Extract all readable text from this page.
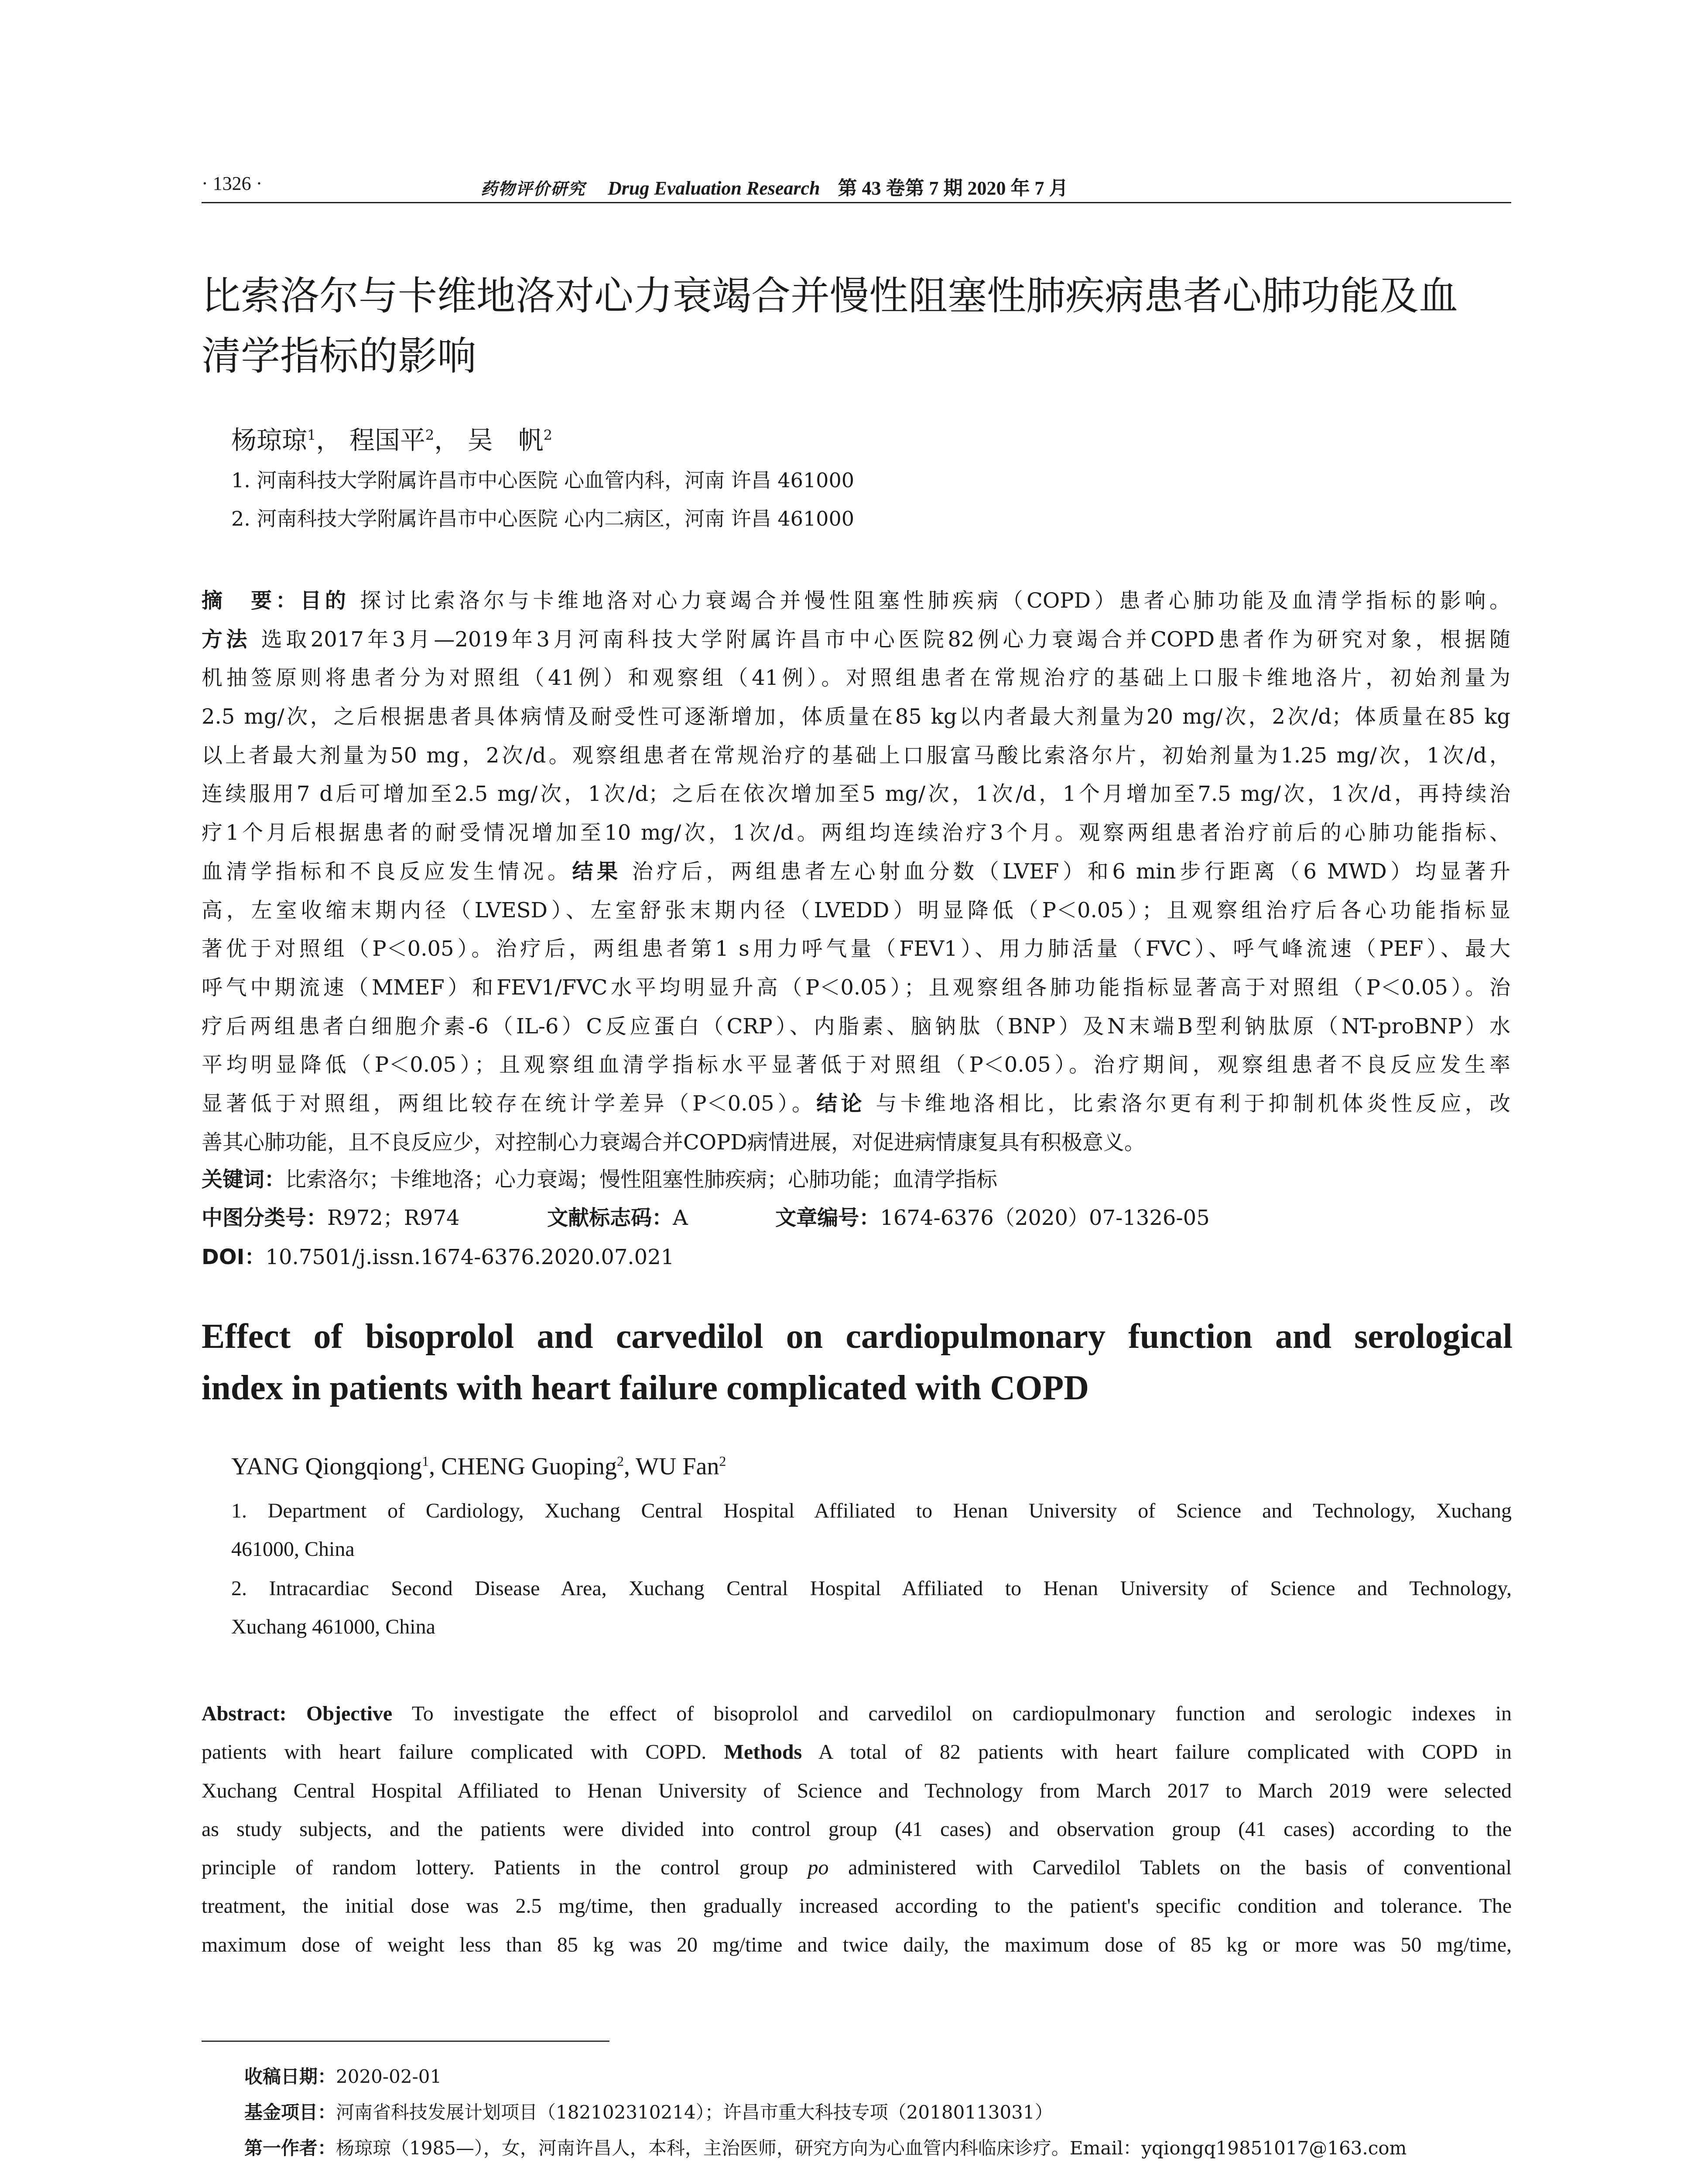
· 1326 ·	药物评价研究 Drug Evaluation Research 第 43 卷第 7 期 2020 年 7 月
比索洛尔与卡维地洛对心力衰竭合并慢性阻塞性肺疾病患者心肺功能及血
清学指标的影响
杨琼琼$^1$， 程国平$^2$， 吴　帆$^2$
1. 河南科技大学附属许昌市中心医院 心血管内科，河南 许昌 461000
2. 河南科技大学附属许昌市中心医院 心内二病区，河南 许昌 461000
摘　要：目的 探讨比索洛尔与卡维地洛对心力衰竭合并慢性阻塞性肺疾病（COPD）患者心肺功能及血清学指标的影响。
方法 选取2017年3月—2019年3月河南科技大学附属许昌市中心医院82例心力衰竭合并COPD患者作为研究对象，根据随
机抽签原则将患者分为对照组（41例）和观察组（41例）。对照组患者在常规治疗的基础上口服卡维地洛片，初始剂量为
2.5 mg/次，之后根据患者具体病情及耐受性可逐渐增加，体质量在85 kg以内者最大剂量为20 mg/次，2次/d；体质量在85 kg
以上者最大剂量为50 mg，2次/d。观察组患者在常规治疗的基础上口服富马酸比索洛尔片，初始剂量为1.25 mg/次，1次/d，
连续服用7 d后可增加至2.5 mg/次，1次/d；之后在依次增加至5 mg/次，1次/d，1个月增加至7.5 mg/次，1次/d，再持续治
疗1个月后根据患者的耐受情况增加至10 mg/次，1次/d。两组均连续治疗3个月。观察两组患者治疗前后的心肺功能指标、
血清学指标和不良反应发生情况。结果 治疗后，两组患者左心射血分数（LVEF）和6 min步行距离（6 MWD）均显著升
高，左室收缩末期内径（LVESD）、左室舒张末期内径（LVEDD）明显降低（P＜0.05）；且观察组治疗后各心功能指标显
著优于对照组（P＜0.05）。治疗后，两组患者第1 s用力呼气量（FEV1）、用力肺活量（FVC）、呼气峰流速（PEF）、最大
呼气中期流速（MMEF）和FEV1/FVC水平均明显升高（P＜0.05）；且观察组各肺功能指标显著高于对照组（P＜0.05）。治
疗后两组患者白细胞介素-6（IL-6）C反应蛋白（CRP）、内脂素、脑钠肽（BNP）及N末端B型利钠肽原（NT-proBNP）水
平均明显降低（P＜0.05）；且观察组血清学指标水平显著低于对照组（P＜0.05）。治疗期间，观察组患者不良反应发生率
显著低于对照组，两组比较存在统计学差异（P＜0.05）。结论 与卡维地洛相比，比索洛尔更有利于抑制机体炎性反应，改
善其心肺功能，且不良反应少，对控制心力衰竭合并COPD病情进展，对促进病情康复具有积极意义。
关键词：比索洛尔；卡维地洛；心力衰竭；慢性阻塞性肺疾病；心肺功能；血清学指标
中图分类号：R972；R974	文献标志码：A	文章编号：1674-6376（2020）07-1326-05
DOI：10.7501/j.issn.1674-6376.2020.07.021
Effect of bisoprolol and carvedilol on cardiopulmonary function and serological
index in patients with heart failure complicated with COPD
YANG Qiongqiong$^1$, CHENG Guoping$^2$, WU Fan$^2$
1. Department of Cardiology, Xuchang Central Hospital Affiliated to Henan University of Science and Technology, Xuchang
461000, China
2. Intracardiac Second Disease Area, Xuchang Central Hospital Affiliated to Henan University of Science and Technology,
Xuchang 461000, China
Abstract: Objective To investigate the effect of bisoprolol and carvedilol on cardiopulmonary function and serologic indexes in
patients with heart failure complicated with COPD. Methods A total of 82 patients with heart failure complicated with COPD in
Xuchang Central Hospital Affiliated to Henan University of Science and Technology from March 2017 to March 2019 were selected
as study subjects, and the patients were divided into control group (41 cases) and observation group (41 cases) according to the
principle of random lottery. Patients in the control group po administered with Carvedilol Tablets on the basis of conventional
treatment, the initial dose was 2.5 mg/time, then gradually increased according to the patient's specific condition and tolerance. The
maximum dose of weight less than 85 kg was 20 mg/time and twice daily, the maximum dose of 85 kg or more was 50 mg/time,
收稿日期：2020-02-01
基金项目：河南省科技发展计划项目（182102310214）；许昌市重大科技专项（20180113031）
第一作者：杨琼琼（1985—），女，河南许昌人，本科，主治医师，研究方向为心血管内科临床诊疗。Email：yqiongq19851017@163.com
